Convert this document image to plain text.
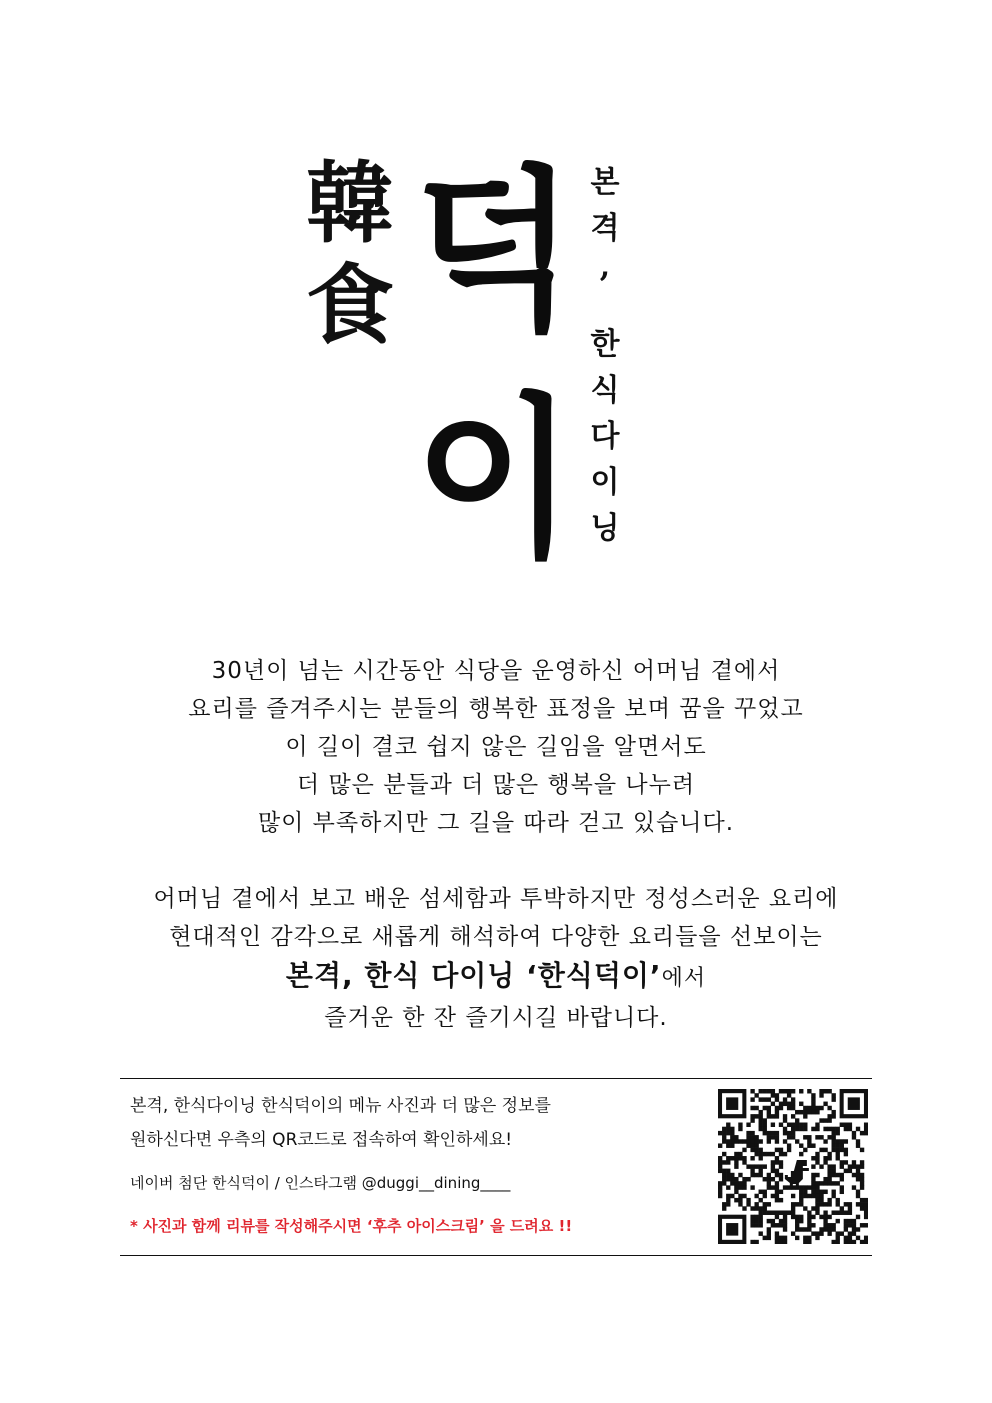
韓
食 덕
이
본
격
,
한
식
다
이
닝

30년이 넘는 시간동안 식당을 운영하신 어머님 곁에서

요리를 즐겨주시는 분들의 행복한 표정을 보며 꿈을 꾸었고

이 길이 결코 쉽지 않은 길임을 알면서도

더 많은 분들과 더 많은 행복을 나누려

많이 부족하지만 그 길을 따라 걷고 있습니다.

어머님 곁에서 보고 배운 섬세함과 투박하지만 정성스러운 요리에

현대적인 감각으로 새롭게 해석하여 다양한 요리들을 선보이는

본격, 한식 다이닝 ‘한식덕이’에서

즐거운 한 잔 즐기시길 바랍니다.

본격, 한식다이닝 한식덕이의 메뉴 사진과 더 많은 정보를

원하신다면 우측의 QR코드로 접속하여 확인하세요!

네이버 첨단 한식덕이 / 인스타그램 @duggi__dining____

* 사진과 함께 리뷰를 작성해주시면 ‘후추 아이스크림’ 을 드려요 !!
